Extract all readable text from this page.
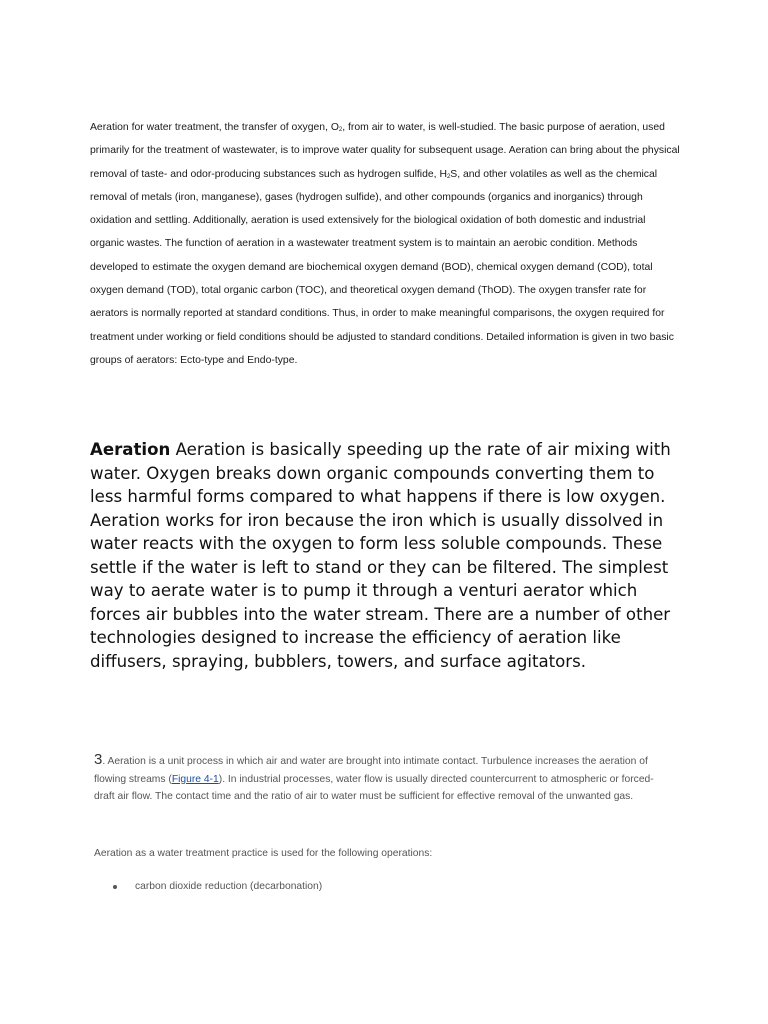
Aeration for water treatment, the transfer of oxygen, $O_2$, from air to water, is well-studied. The basic purpose of aeration, used primarily for the treatment of wastewater, is to improve water quality for subsequent usage. Aeration can bring about the physical removal of taste- and odor-producing substances such as hydrogen sulfide, $H_2S$, and other volatiles as well as the chemical removal of metals (iron, manganese), gases (hydrogen sulfide), and other compounds (organics and inorganics) through oxidation and settling. Additionally, aeration is used extensively for the biological oxidation of both domestic and industrial organic wastes. The function of aeration in a wastewater treatment system is to maintain an aerobic condition. Methods developed to estimate the oxygen demand are biochemical oxygen demand (BOD), chemical oxygen demand (COD), total oxygen demand (TOD), total organic carbon (TOC), and theoretical oxygen demand (ThOD). The oxygen transfer rate for aerators is normally reported at standard conditions. Thus, in order to make meaningful comparisons, the oxygen required for treatment under working or field conditions should be adjusted to standard conditions. Detailed information is given in two basic groups of aerators: Ecto-type and Endo-type.

Aeration Aeration is basically speeding up the rate of air mixing with water. Oxygen breaks down organic compounds converting them to less harmful forms compared to what happens if there is low oxygen. Aeration works for iron because the iron which is usually dissolved in water reacts with the oxygen to form less soluble compounds. These settle if the water is left to stand or they can be filtered. The simplest way to aerate water is to pump it through a venturi aerator which forces air bubbles into the water stream. There are a number of other technologies designed to increase the efficiency of aeration like diffusers, spraying, bubblers, towers, and surface agitators.

3. Aeration is a unit process in which air and water are brought into intimate contact. Turbulence increases the aeration of flowing streams (Figure 4-1). In industrial processes, water flow is usually directed countercurrent to atmospheric or forced-draft air flow. The contact time and the ratio of air to water must be sufficient for effective removal of the unwanted gas.

Aeration as a water treatment practice is used for the following operations:

carbon dioxide reduction (decarbonation)
